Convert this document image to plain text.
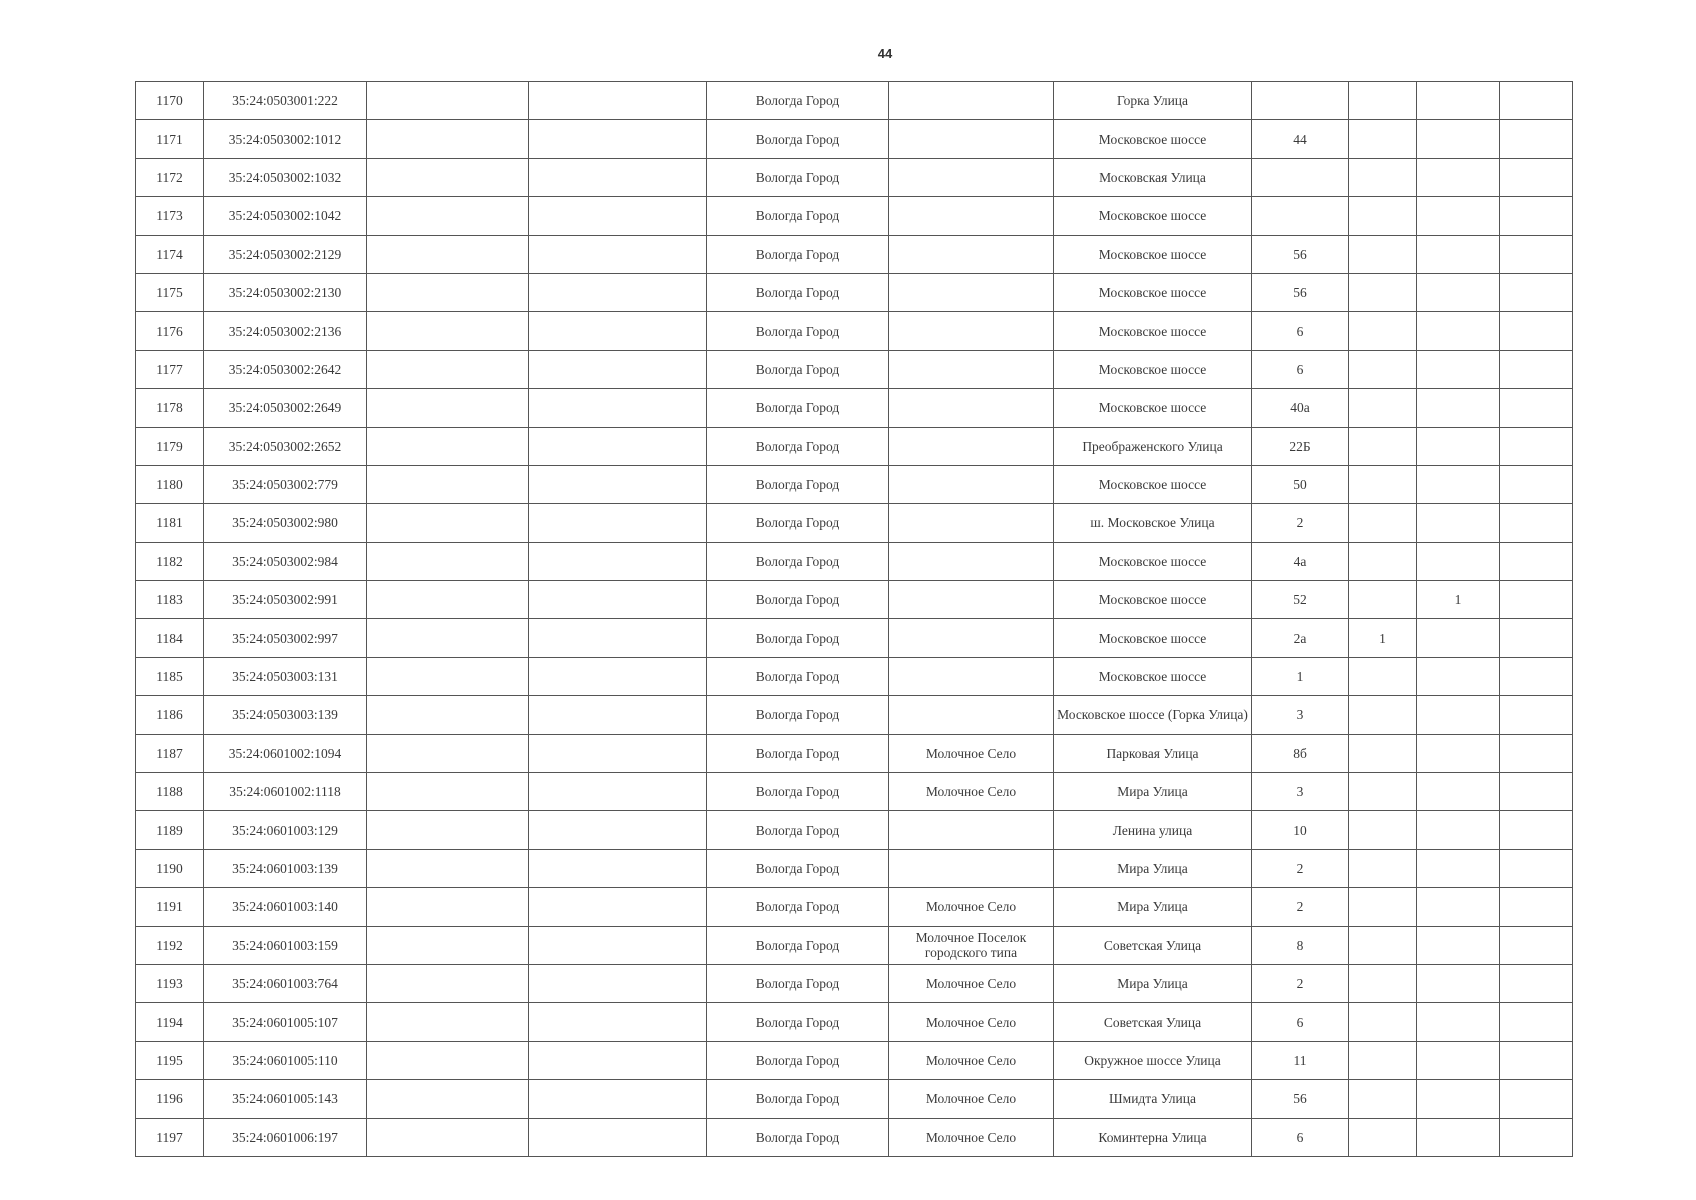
44
1170	35:24:0503001:222			Вологда Город		Горка Улица				
1171	35:24:0503002:1012			Вологда Город		Московское шоссе	44			
1172	35:24:0503002:1032			Вологда Город		Московская Улица				
1173	35:24:0503002:1042			Вологда Город		Московское шоссе				
1174	35:24:0503002:2129			Вологда Город		Московское шоссе	56			
1175	35:24:0503002:2130			Вологда Город		Московское шоссе	56			
1176	35:24:0503002:2136			Вологда Город		Московское шоссе	6			
1177	35:24:0503002:2642			Вологда Город		Московское шоссе	6			
1178	35:24:0503002:2649			Вологда Город		Московское шоссе	40а			
1179	35:24:0503002:2652			Вологда Город		Преображенского Улица	22Б			
1180	35:24:0503002:779			Вологда Город		Московское шоссе	50			
1181	35:24:0503002:980			Вологда Город		ш. Московское Улица	2			
1182	35:24:0503002:984			Вологда Город		Московское шоссе	4а			
1183	35:24:0503002:991			Вологда Город		Московское шоссе	52		1	
1184	35:24:0503002:997			Вологда Город		Московское шоссе	2а	1		
1185	35:24:0503003:131			Вологда Город		Московское шоссе	1			
1186	35:24:0503003:139			Вологда Город		Московское шоссе (Горка Улица)	3			
1187	35:24:0601002:1094			Вологда Город	Молочное Село	Парковая Улица	8б			
1188	35:24:0601002:1118			Вологда Город	Молочное Село	Мира Улица	3			
1189	35:24:0601003:129			Вологда Город		Ленина улица	10			
1190	35:24:0601003:139			Вологда Город		Мира Улица	2			
1191	35:24:0601003:140			Вологда Город	Молочное Село	Мира Улица	2			
1192	35:24:0601003:159			Вологда Город	Молочное Поселок городского типа	Советская Улица	8			
1193	35:24:0601003:764			Вологда Город	Молочное Село	Мира Улица	2			
1194	35:24:0601005:107			Вологда Город	Молочное Село	Советская Улица	6			
1195	35:24:0601005:110			Вологда Город	Молочное Село	Окружное шоссе Улица	11			
1196	35:24:0601005:143			Вологда Город	Молочное Село	Шмидта Улица	56			
1197	35:24:0601006:197			Вологда Город	Молочное Село	Коминтерна Улица	6			
